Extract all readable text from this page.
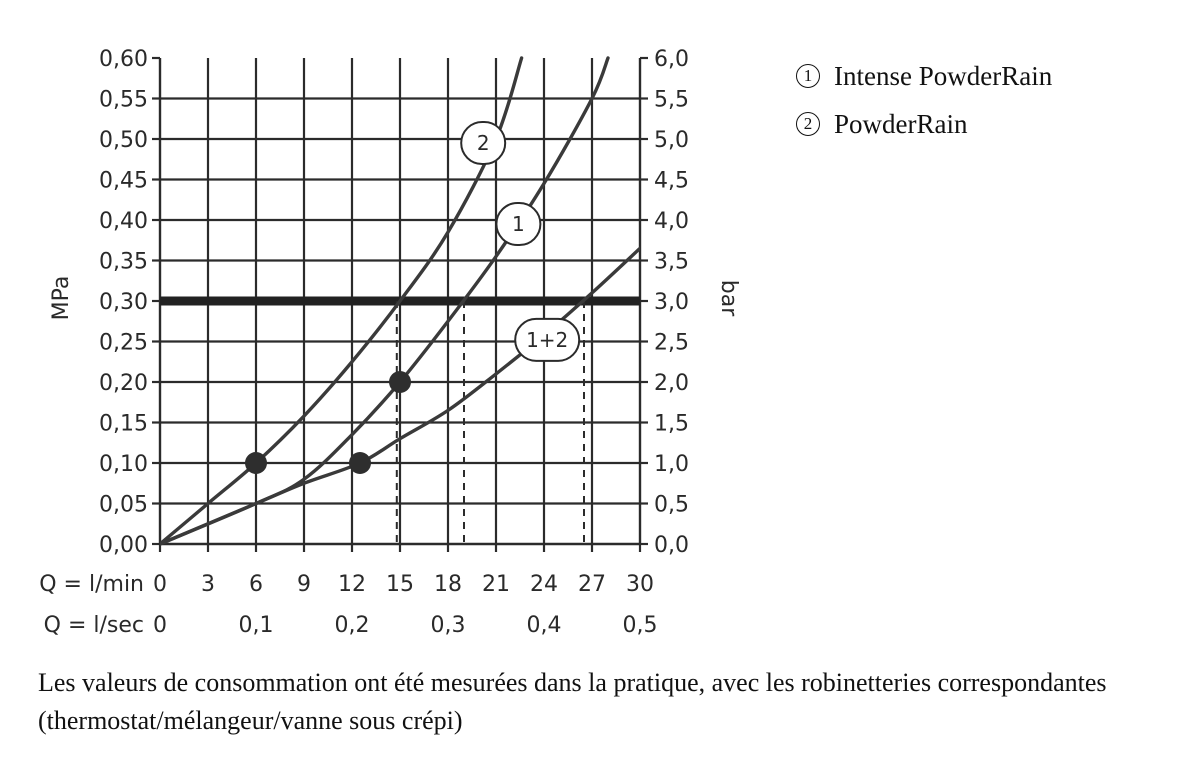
0,00
0,05
0,10
0,15
0,20
0,25
0,30
0,35
0,40
0,45
0,50
0,55
0,60
0,0
0,5
1,0
1,5
2,0
2,5
3,0
3,5
4,0
4,5
5,0
5,5
6,0
0 3 6 9 12 15 18 21 24 27 30
0	0,1	0,2	0,3	0,4	0,5
Q = l/min
Q = l/sec
MPa	bar
2
1
1+2
1 Intense PowderRain
2 PowderRain
Les valeurs de consommation ont été mesurées dans la pratique, avec les robinetteries correspondantes (thermostat/mélangeur/vanne sous crépi)
